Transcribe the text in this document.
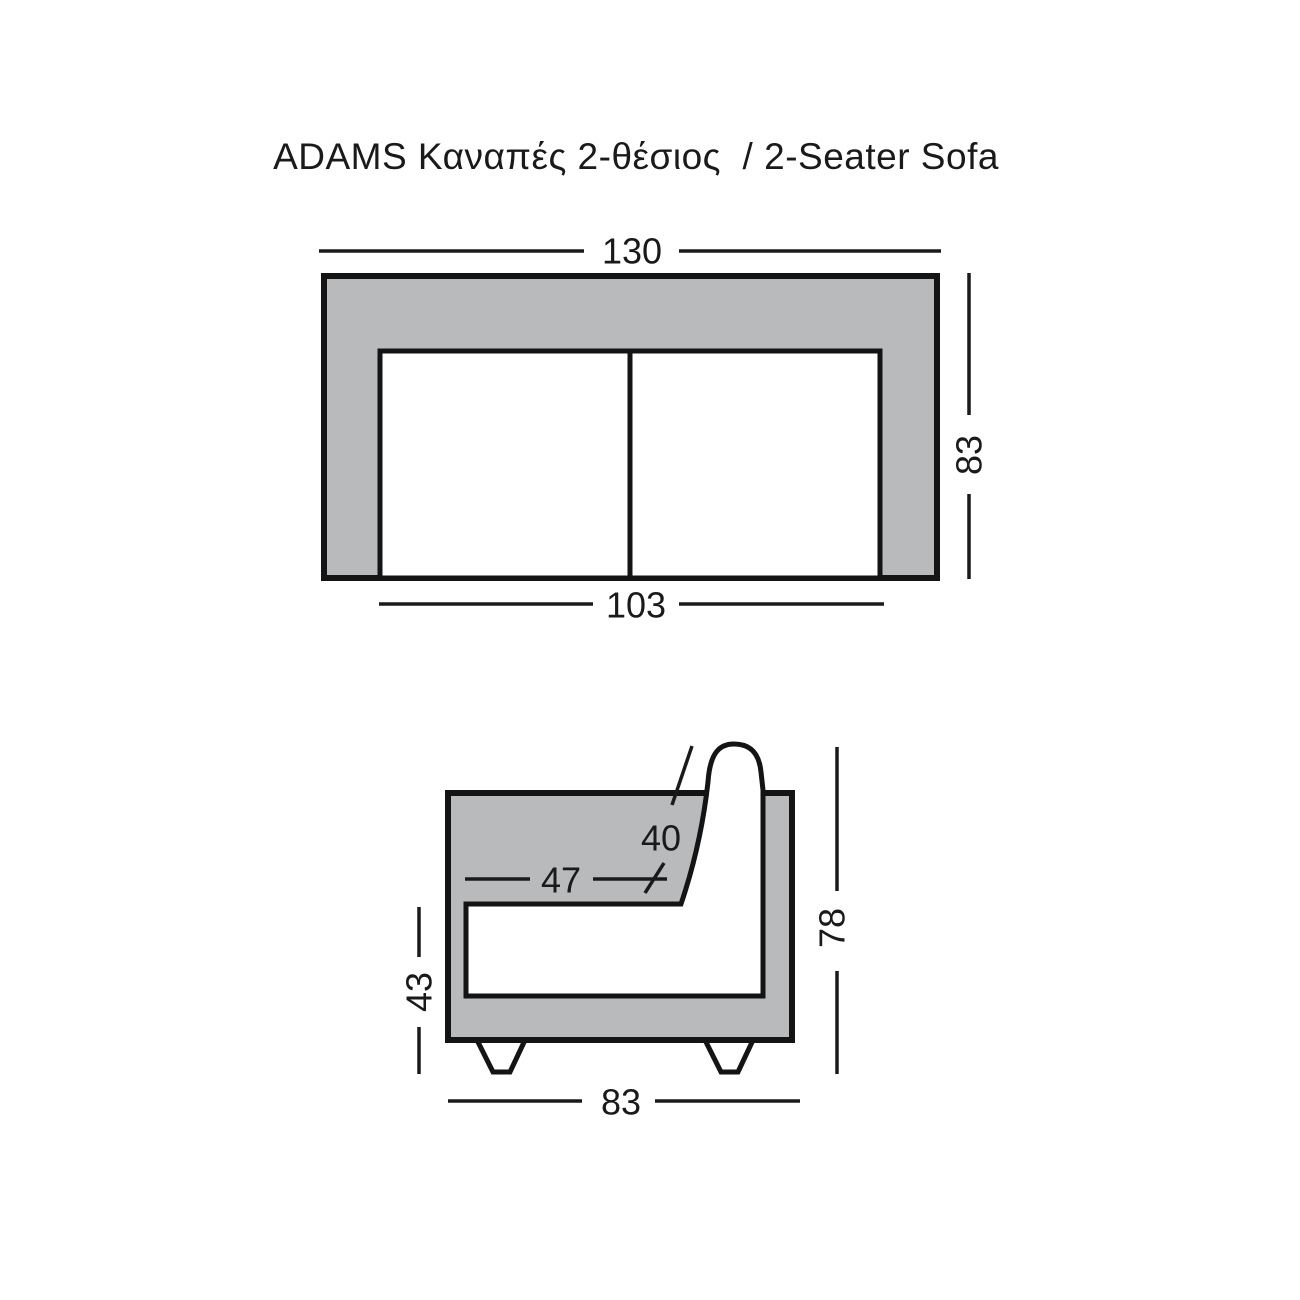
ADAMS Καναπές 2-θέσιος  / 2-Seater Sofa
130
83
103
40
47
43
78
83
